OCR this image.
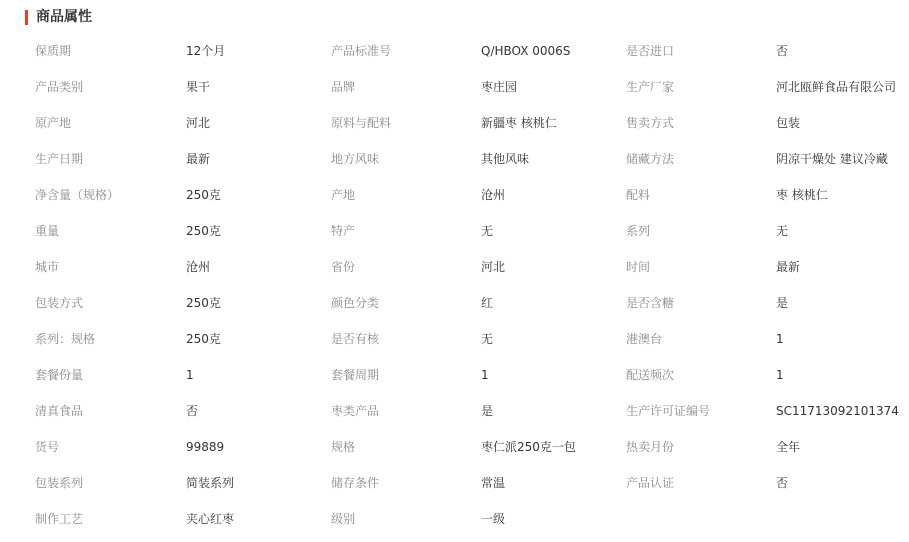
商品属性
保质期	12个月	产品标准号	Q/HBOX 0006S	是否进口	否
产品类别	果干	品牌	枣庄园	生产厂家	河北瓯鲜食品有限公司
原产地	河北	原料与配料	新疆枣 核桃仁	售卖方式	包装
生产日期	最新	地方风味	其他风味	储藏方法	阴凉干燥处 建议冷藏
净含量（规格）	250克	产地	沧州	配料	枣 核桃仁
重量	250克	特产	无	系列	无
城市	沧州	省份	河北	时间	最新
包装方式	250克	颜色分类	红	是否含糖	是
系列：规格	250克	是否有核	无	港澳台	1
套餐份量	1	套餐周期	1	配送频次	1
清真食品	否	枣类产品	是	生产许可证编号	SC11713092101374
货号	99889	规格	枣仁派250克一包	热卖月份	全年
包装系列	简装系列	储存条件	常温	产品认证	否
制作工艺	夹心红枣	级别	一级
